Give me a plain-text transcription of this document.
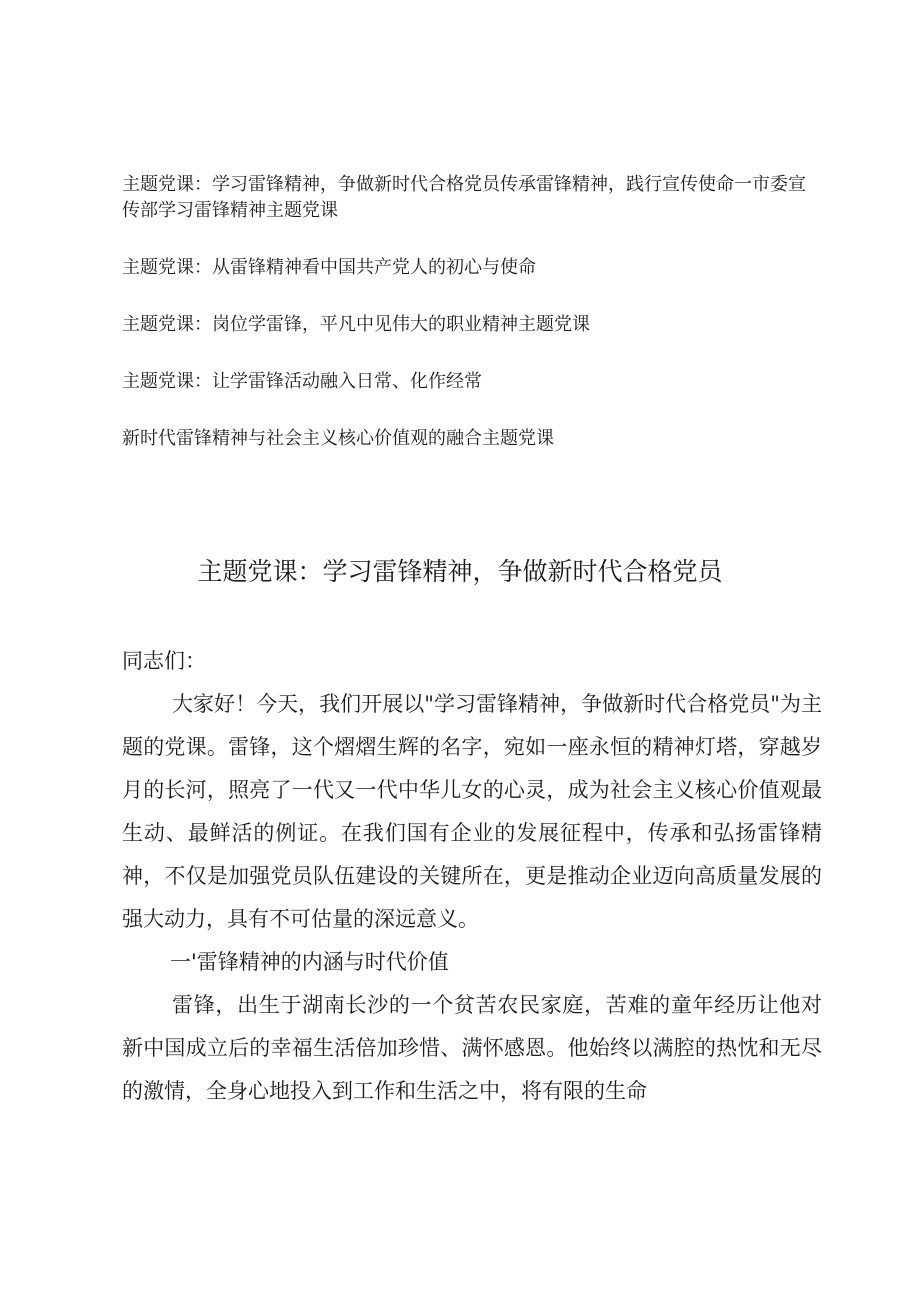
主题党课：学习雷锋精神，争做新时代合格党员传承雷锋精神，践行宣传使命一市委宣传部学习雷锋精神主题党课
主题党课：从雷锋精神看中国共产党人的初心与使命
主题党课：岗位学雷锋，平凡中见伟大的职业精神主题党课
主题党课：让学雷锋活动融入日常、化作经常
新时代雷锋精神与社会主义核心价值观的融合主题党课
主题党课：学习雷锋精神，争做新时代合格党员

同志们：

大家好！今天，我们开展以"学习雷锋精神，争做新时代合格党员"为主题的党课。雷锋，这个熠熠生辉的名字，宛如一座永恒的精神灯塔，穿越岁月的长河，照亮了一代又一代中华儿女的心灵，成为社会主义核心价值观最生动、最鲜活的例证。在我们国有企业的发展征程中，传承和弘扬雷锋精神，不仅是加强党员队伍建设的关键所在，更是推动企业迈向高质量发展的强大动力，具有不可估量的深远意义。

一'雷锋精神的内涵与时代价值

雷锋，出生于湖南长沙的一个贫苦农民家庭，苦难的童年经历让他对新中国成立后的幸福生活倍加珍惜、满怀感恩。他始终以满腔的热忱和无尽的激情，全身心地投入到工作和生活之中，将有限的生命
